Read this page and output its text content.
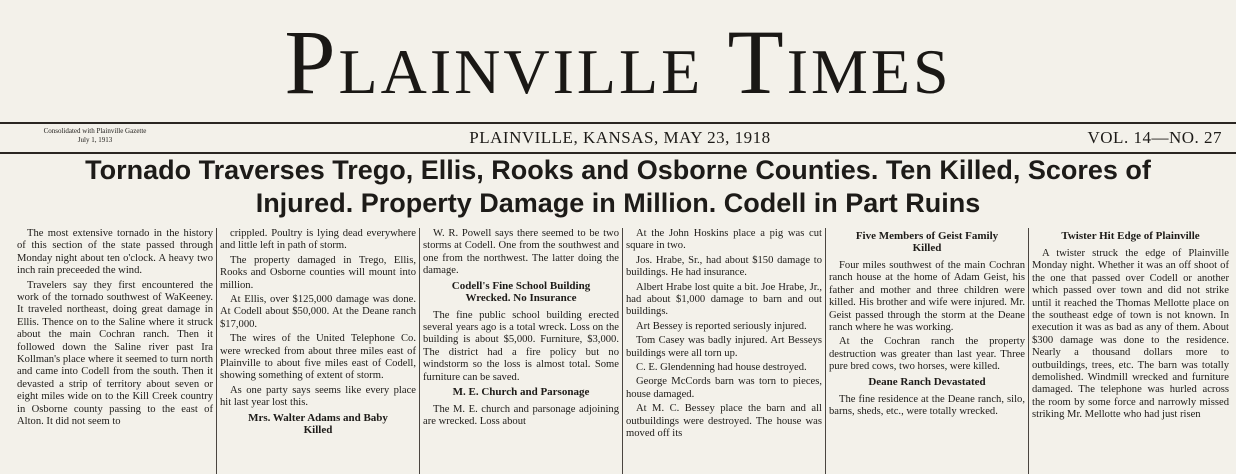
Plainville Times
Consolidated with Plainville Gazette
July 1, 1913	PLAINVILLE, KANSAS, MAY 23, 1918	VOL. 14—NO. 27
Tornado Traverses Trego, Ellis, Rooks and Osborne Counties. Ten Killed, Scores of
Injured. Property Damage in Million. Codell in Part Ruins

The most extensive tornado in the history of this section of the state passed through Monday night about ten o'clock. A heavy two inch rain preceeded the wind.

Travelers say they first encountered the work of the tornado southwest of WaKeeney. It traveled northeast, doing great damage in Ellis. Thence on to the Saline where it struck about the main Cochran ranch. Then it followed down the Saline river past Ira Kollman's place where it seemed to turn north and came into Codell from the south. Then it devasted a strip of territory about seven or eight miles wide on to the Kill Creek country in Osborne county passing to the east of Alton. It did not seem to

crippled. Poultry is lying dead everywhere and little left in path of storm.

The property damaged in Trego, Ellis, Rooks and Osborne counties will mount into million.

At Ellis, over $125,000 damage was done. At Codell about $50,000. At the Deane ranch $17,000.

The wires of the United Telephone Co. were wrecked from about three miles east of Plainville to about five miles east of Codell, showing something of extent of storm.

As one party says seems like every place hit last year lost this.

Mrs. Walter Adams and Baby
Killed

W. R. Powell says there seemed to be two storms at Codell. One from the southwest and one from the northwest. The latter doing the damage.

Codell's Fine School Building
Wrecked. No Insurance

The fine public school building erected several years ago is a total wreck. Loss on the building is about $5,000. Furniture, $3,000. The district had a fire policy but no windstorm so the loss is almost total. Some furniture can be saved.

M. E. Church and Parsonage

The M. E. church and parsonage adjoining are wrecked. Loss about

At the John Hoskins place a pig was cut square in two.

Jos. Hrabe, Sr., had about $150 damage to buildings. He had insurance.

Albert Hrabe lost quite a bit. Joe Hrabe, Jr., had about $1,000 damage to barn and out buildings.

Art Bessey is reported seriously injured.

Tom Casey was badly injured. Art Besseys buildings were all torn up.

C. E. Glendenning had house destroyed.

George McCords barn was torn to pieces, house damaged.

At M. C. Bessey place the barn and all outbuildings were destroyed. The house was moved off its

Five Members of Geist Family
Killed

Four miles southwest of the main Cochran ranch house at the home of Adam Geist, his father and mother and three children were killed. His brother and wife were injured. Mr. Geist passed through the storm at the Deane ranch where he was working.

At the Cochran ranch the property destruction was greater than last year. Three pure bred cows, two horses, were killed.

Deane Ranch Devastated

The fine residence at the Deane ranch, silo, barns, sheds, etc., were totally wrecked.

Twister Hit Edge of Plainville

A twister struck the edge of Plainville Monday night. Whether it was an off shoot of the one that passed over Codell or another which passed over town and did not strike until it reached the Thomas Mellotte place on the southeast edge of town is not known. In execution it was as bad as any of them. About $300 damage was done to the residence. Nearly a thousand dollars more to outbuildings, trees, etc. The barn was totally demolished. Windmill wrecked and furniture damaged. The telephone was hurled across the room by some force and narrowly missed striking Mr. Mellotte who had just risen
